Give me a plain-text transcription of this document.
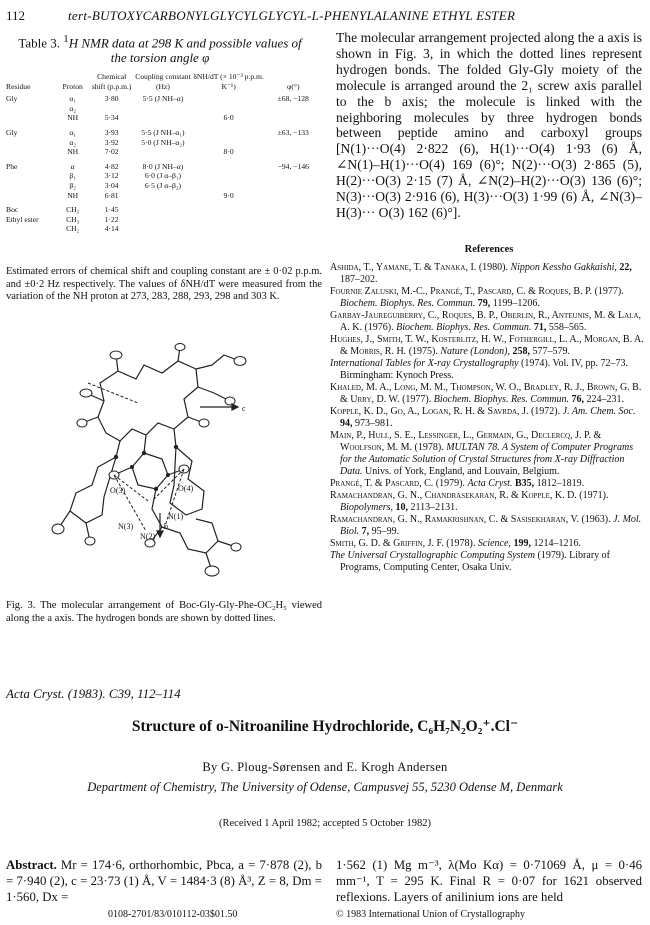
112	tert-BUTOXYCARBONYLGLYCYLGLYCYL-L-PHENYLALANINE ETHYL ESTER
Table 3. $^1$H NMR data at 298 K and possible values of the torsion angle φ
Residue	Proton	Chemical shift (p.p.m.)	Coupling constant (Hz)	δNH/dT (× 10⁻³ p.p.m. K⁻¹)	φ(°)
Gly	α₁	3·80	5·5 (J NH–α)		±68, −128
	α₂				
	NH	5·34		6·0	
Gly	α₁	3·93	5·5 (J NH–α₁)		±63, −133
	α₂	3·92	5·0 (J NH–α₂)		
	NH	7·02		8·0	
Phe	α	4·82	8·0 (J NH–α)		−94, −146
	β₁	3·12	6·0 (J α–β₁)		
	β₂	3·04	6·5 (J α–β₂)		
	NH	6·81		9·0	
Boc	CH₃	1·45			
Ethyl ester	CH₃	1·22			
	CH₂	4·14			
Estimated errors of chemical shift and coupling constant are ± 0·02 p.p.m. and ±0·2 Hz respectively. The values of δNH/dT were measured from the variation of the NH proton at 273, 283, 288, 293, 298 and 303 K.
c
b
O(3)	O(4)
N(1)
N(2)
N(3)
Fig. 3. The molecular arrangement of Boc-Gly-Gly-Phe-OC₂H₅ viewed along the a axis. The hydrogen bonds are shown by dotted lines.
The molecular arrangement projected along the a axis is shown in Fig. 3, in which the dotted lines represent hydrogen bonds. The folded Gly-Gly moiety of the molecule is arranged around the 2₁ screw axis parallel to the b axis; the molecule is linked with the neighboring molecules by three hydrogen bonds between peptide amino and carboxyl groups [N(1)···O(4) 2·822 (6), H(1)···O(4) 1·93 (6) Å, ∠N(1)–H(1)···O(4) 169 (6)°; N(2)···O(3) 2·865 (5), H(2)···O(3) 2·15 (7) Å, ∠N(2)–H(2)···O(3) 136 (6)°; N(3)···O(3) 2·916 (6), H(3)···O(3) 1·99 (6) Å, ∠N(3)–H(3)··· O(3) 162 (6)°].
References
Ashida, T., Yamane, T. & Tanaka, I. (1980). Nippon Kessho Gakkaishi, 22, 187–202.
Fournie Zaluski, M.-C., Prangé, T., Pascard, C. & Roques, B. P. (1977). Biochem. Biophys. Res. Commun. 79, 1199–1206.
Garbay-Jaureguiberry, C., Roques, B. P., Oberlin, R., Anteunis, M. & Lala, A. K. (1976). Biochem. Biophys. Res. Commun. 71, 558–565.
Hughes, J., Smith, T. W., Kosterlitz, H. W., Fothergill, L. A., Morgan, B. A. & Morris, R. H. (1975). Nature (London), 258, 577–579.
International Tables for X-ray Crystallography (1974). Vol. IV, pp. 72–73. Birmingham: Kynoch Press.
Khaled, M. A., Long, M. M., Thompson, W. O., Bradley, R. J., Brown, G. B. & Urry, D. W. (1977). Biochem. Biophys. Res. Commun. 76, 224–231.
Kopple, K. D., Go, A., Logan, R. H. & Savrda, J. (1972). J. Am. Chem. Soc. 94, 973–981.
Main, P., Hull, S. E., Lessinger, L., Germain, G., Declercq, J. P. & Woolfson, M. M. (1978). MULTAN 78. A System of Computer Programs for the Automatic Solution of Crystal Structures from X-ray Diffraction Data. Univs. of York, England, and Louvain, Belgium.
Prangé, T. & Pascard, C. (1979). Acta Cryst. B35, 1812–1819.
Ramachandran, G. N., Chandrasekaran, R. & Kopple, K. D. (1971). Biopolymers, 10, 2113–2131.
Ramachandran, G. N., Ramakrishnan, C. & Sasisekharan, V. (1963). J. Mol. Biol. 7, 95–99.
Smith, G. D. & Griffin, J. F. (1978). Science, 199, 1214–1216.
The Universal Crystallographic Computing System (1979). Library of Programs, Computing Center, Osaka Univ.
Acta Cryst. (1983). C39, 112–114
Structure of o-Nitroaniline Hydrochloride, C₆H₇N₂O₂⁺.Cl⁻
By G. Ploug-Sørensen and E. Krogh Andersen
Department of Chemistry, The University of Odense, Campusvej 55, 5230 Odense M, Denmark
(Received 1 April 1982; accepted 5 October 1982)
Abstract. Mr = 174·6, orthorhombic, Pbca, a = 7·878 (2), b = 7·940 (2), c = 23·73 (1) Å, V = 1484·3 (8) Å³, Z = 8, Dm = 1·560, Dx =
1·562 (1) Mg m⁻³, λ(Mo Kα) = 0·71069 Å, μ = 0·46 mm⁻¹, T = 295 K. Final R = 0·07 for 1621 observed reflexions. Layers of anilinium ions are held
0108-2701/83/010112-03$01.50	© 1983 International Union of Crystallography
